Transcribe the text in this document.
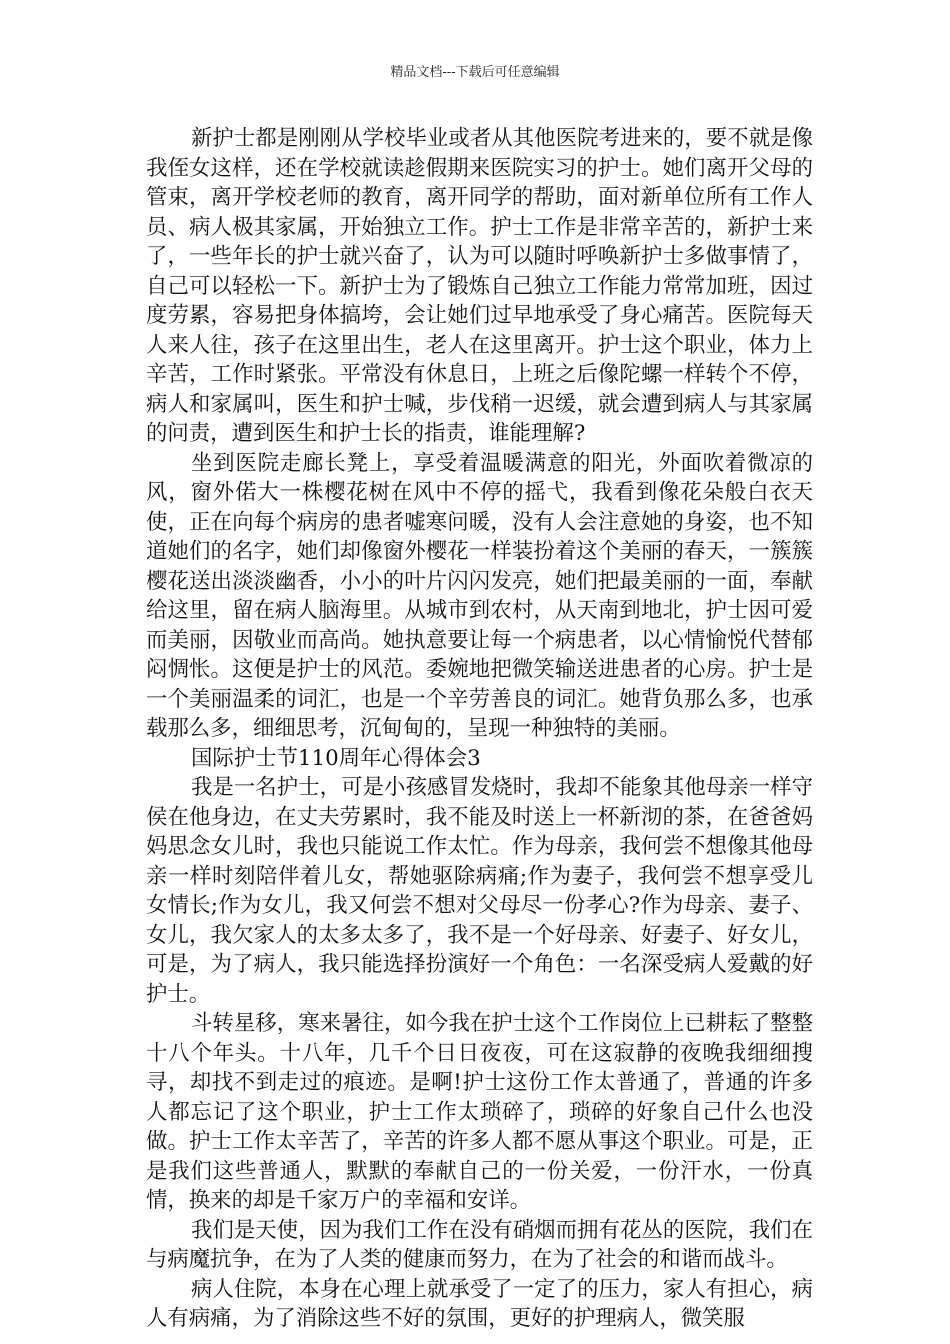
精品文档---下载后可任意编辑

新护士都是刚刚从学校毕业或者从其他医院考进来的，要不就是像我侄女这样，还在学校就读趁假期来医院实习的护士。她们离开父母的管束，离开学校老师的教育，离开同学的帮助，面对新单位所有工作人员、病人极其家属，开始独立工作。护士工作是非常辛苦的，新护士来了，一些年长的护士就兴奋了，认为可以随时呼唤新护士多做事情了，自己可以轻松一下。新护士为了锻炼自己独立工作能力常常加班，因过度劳累，容易把身体搞垮，会让她们过早地承受了身心痛苦。医院每天人来人往，孩子在这里出生，老人在这里离开。护士这个职业，体力上辛苦，工作时紧张。平常没有休息日，上班之后像陀螺一样转个不停，病人和家属叫，医生和护士喊，步伐稍一迟缓，就会遭到病人与其家属的问责，遭到医生和护士长的指责，谁能理解?

坐到医院走廊长凳上，享受着温暖满意的阳光，外面吹着微凉的风，窗外偌大一株樱花树在风中不停的摇弋，我看到像花朵般白衣天使，正在向每个病房的患者嘘寒问暖，没有人会注意她的身姿，也不知道她们的名字，她们却像窗外樱花一样装扮着这个美丽的春天，一簇簇樱花送出淡淡幽香，小小的叶片闪闪发亮，她们把最美丽的一面，奉献给这里，留在病人脑海里。从城市到农村，从天南到地北，护士因可爱而美丽，因敬业而高尚。她执意要让每一个病患者，以心情愉悦代替郁闷惆怅。这便是护士的风范。委婉地把微笑输送进患者的心房。护士是一个美丽温柔的词汇，也是一个辛劳善良的词汇。她背负那么多，也承载那么多，细细思考，沉甸甸的，呈现一种独特的美丽。

国际护士节110周年心得体会3

我是一名护士，可是小孩感冒发烧时，我却不能象其他母亲一样守侯在他身边，在丈夫劳累时，我不能及时送上一杯新沏的茶，在爸爸妈妈思念女儿时，我也只能说工作太忙。作为母亲，我何尝不想像其他母亲一样时刻陪伴着儿女，帮她驱除病痛;作为妻子，我何尝不想享受儿女情长;作为女儿，我又何尝不想对父母尽一份孝心?作为母亲、妻子、女儿，我欠家人的太多太多了，我不是一个好母亲、好妻子、好女儿，可是，为了病人，我只能选择扮演好一个角色：一名深受病人爱戴的好护士。

斗转星移，寒来暑往，如今我在护士这个工作岗位上已耕耘了整整十八个年头。十八年，几千个日日夜夜，可在这寂静的夜晚我细细搜寻，却找不到走过的痕迹。是啊!护士这份工作太普通了，普通的许多人都忘记了这个职业，护士工作太琐碎了，琐碎的好象自己什么也没做。护士工作太辛苦了，辛苦的许多人都不愿从事这个职业。可是，正是我们这些普通人，默默的奉献自己的一份关爱，一份汗水，一份真情，换来的却是千家万户的幸福和安详。

我们是天使，因为我们工作在没有硝烟而拥有花丛的医院，我们在与病魔抗争，在为了人类的健康而努力，在为了社会的和谐而战斗。

病人住院，本身在心理上就承受了一定了的压力，家人有担心，病人有病痛，为了消除这些不好的氛围，更好的护理病人，微笑服
